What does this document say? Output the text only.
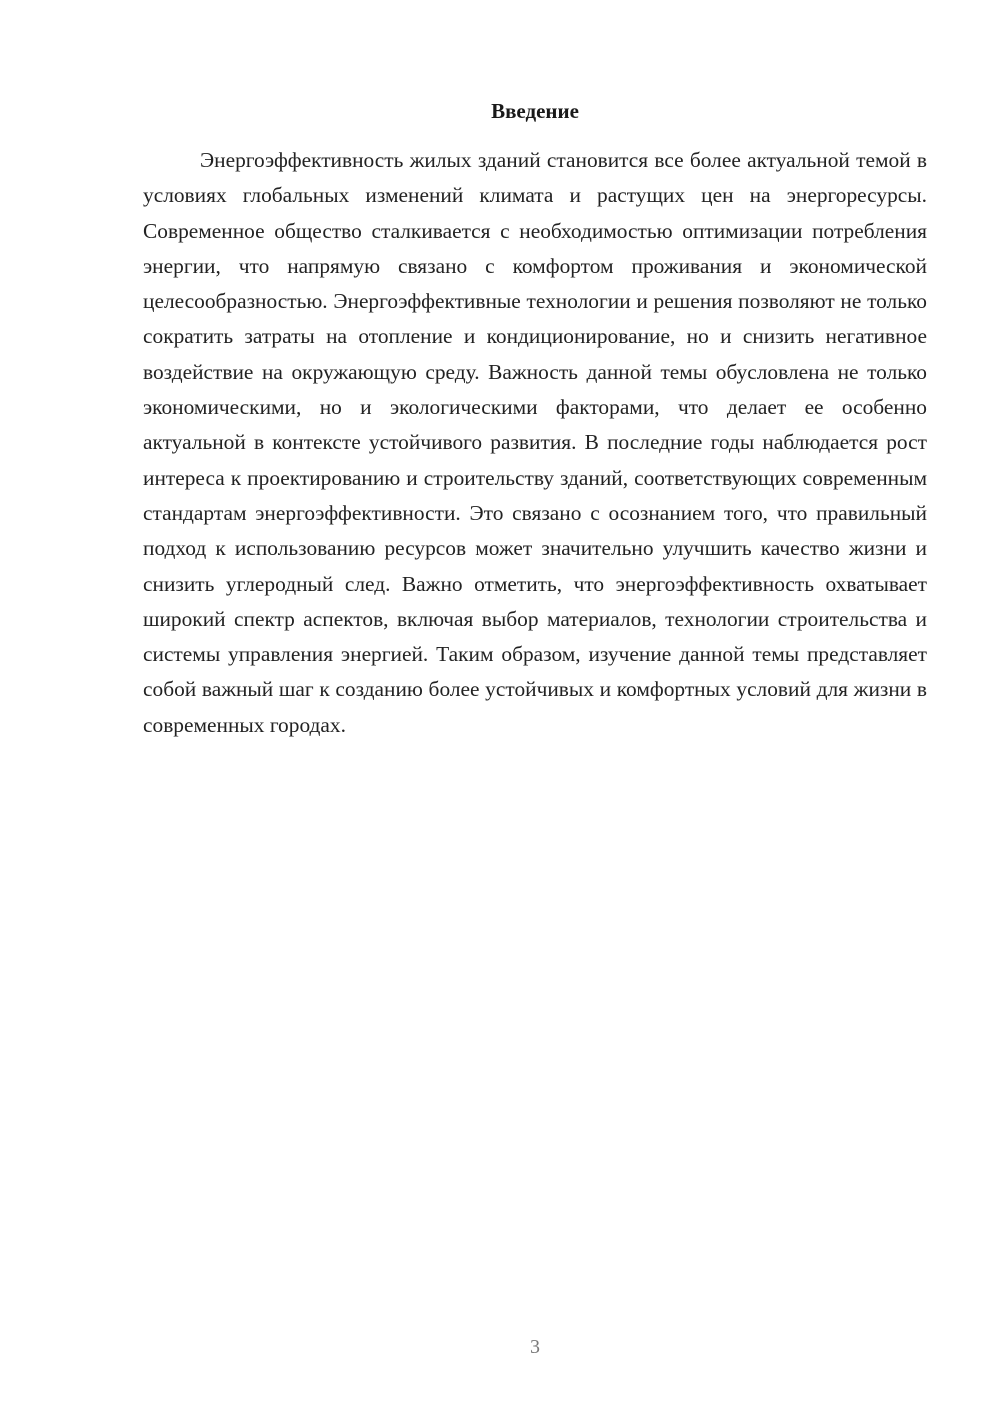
Введение

Энергоэффективность жилых зданий становится все более актуальной темой в условиях глобальных изменений климата и растущих цен на энергоресурсы. Современное общество сталкивается с необходимостью оптимизации потребления энергии, что напрямую связано с комфортом проживания и экономической целесообразностью. Энергоэффективные технологии и решения позволяют не только сократить затраты на отопление и кондиционирование, но и снизить негативное воздействие на окружающую среду. Важность данной темы обусловлена не только экономическими, но и экологическими факторами, что делает ее особенно актуальной в контексте устойчивого развития. В последние годы наблюдается рост интереса к проектированию и строительству зданий, соответствующих современным стандартам энергоэффективности. Это связано с осознанием того, что правильный подход к использованию ресурсов может значительно улучшить качество жизни и снизить углеродный след. Важно отметить, что энергоэффективность охватывает широкий спектр аспектов, включая выбор материалов, технологии строительства и системы управления энергией. Таким образом, изучение данной темы представляет собой важный шаг к созданию более устойчивых и комфортных условий для жизни в современных городах.

3
